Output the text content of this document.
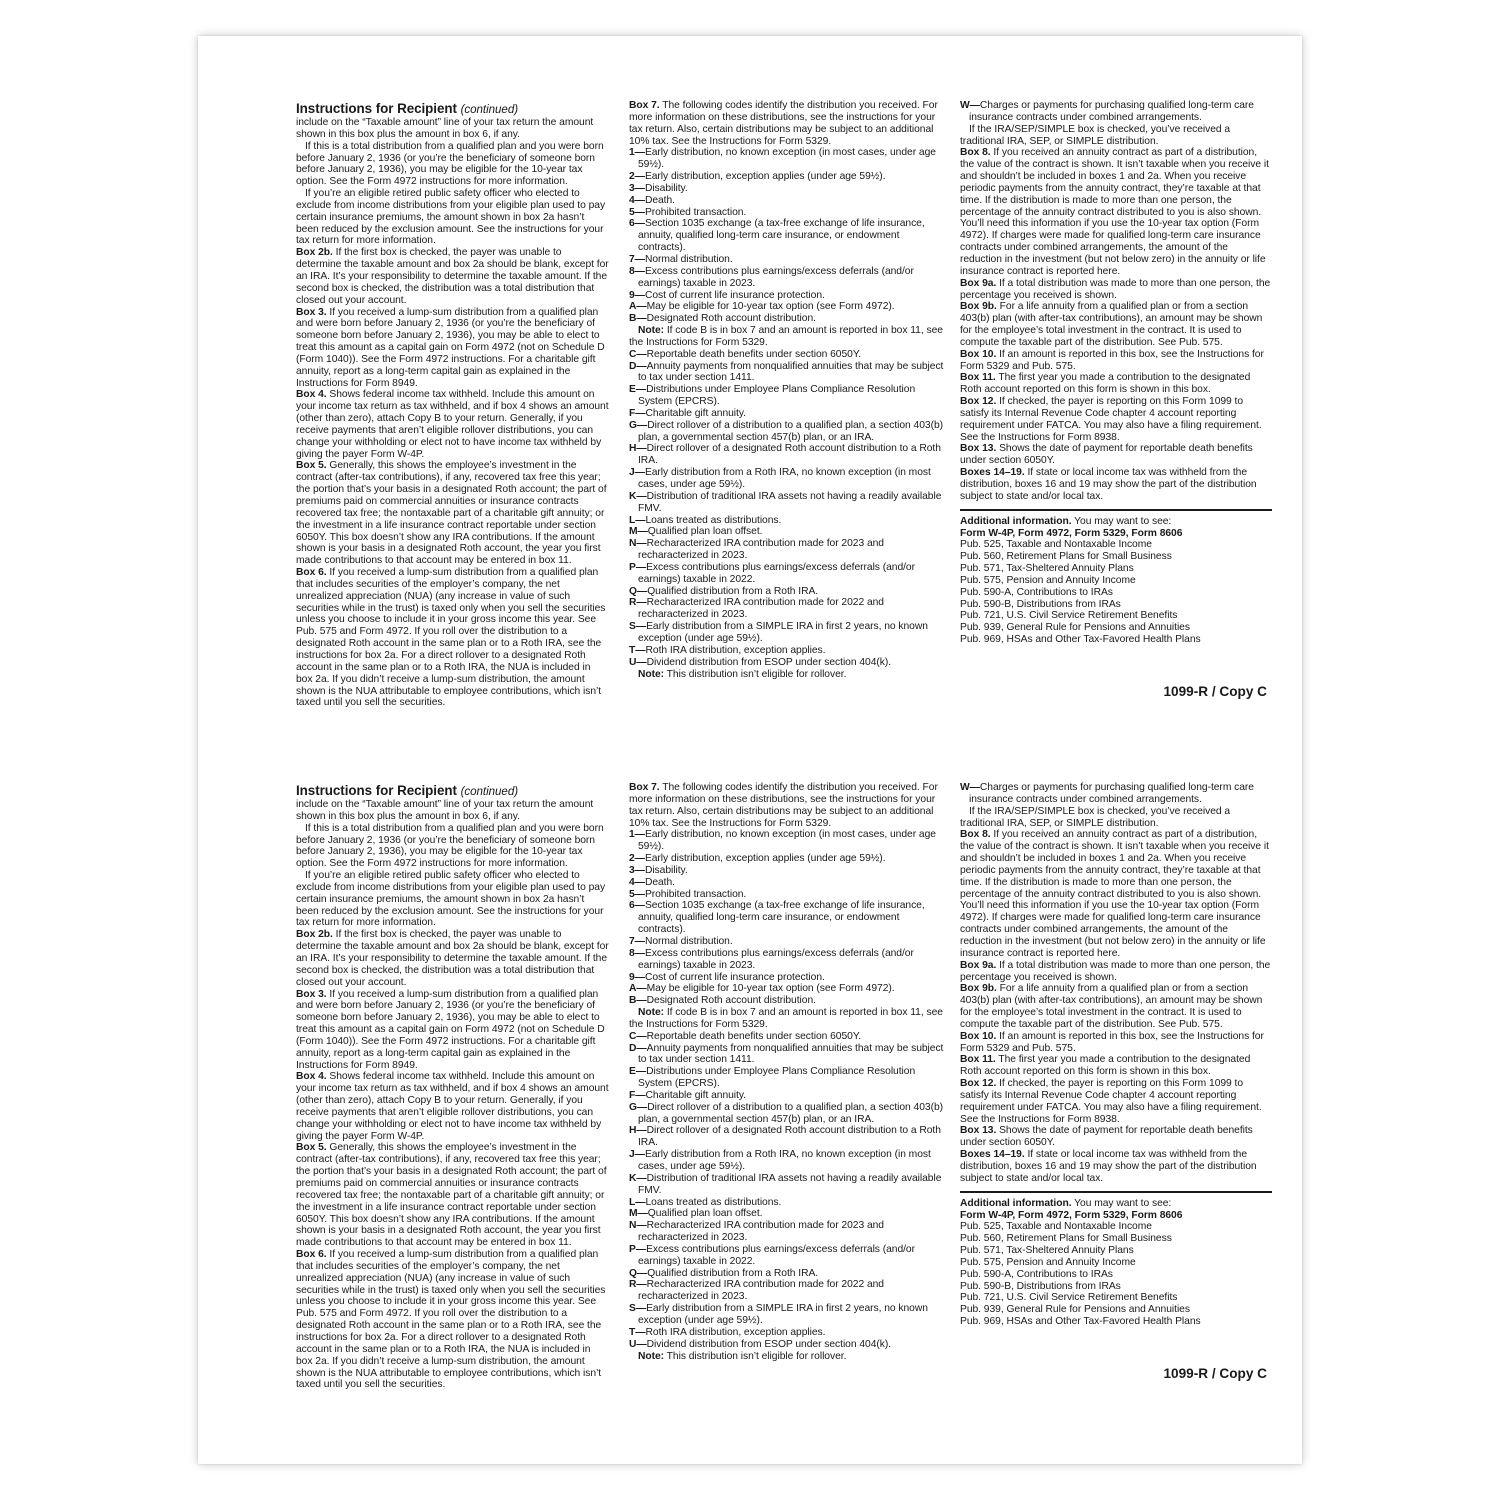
Instructions for Recipient (continued)
include on the “Taxable amount” line of your tax return the amount shown in this box plus the amount in box 6, if any.
If this is a total distribution from a qualified plan and you were born before January 2, 1936 (or you’re the beneficiary of someone born before January 2, 1936), you may be eligible for the 10-year tax option. See the Form 4972 instructions for more information.
If you’re an eligible retired public safety officer who elected to exclude from income distributions from your eligible plan used to pay certain insurance premiums, the amount shown in box 2a hasn’t been reduced by the exclusion amount. See the instructions for your tax return for more information.
Box 2b. If the first box is checked, the payer was unable to determine the taxable amount and box 2a should be blank, except for an IRA. It’s your responsibility to determine the taxable amount. If the second box is checked, the distribution was a total distribution that closed out your account.
Box 3. If you received a lump-sum distribution from a qualified plan and were born before January 2, 1936 (or you’re the beneficiary of someone born before January 2, 1936), you may be able to elect to treat this amount as a capital gain on Form 4972 (not on Schedule D (Form 1040)). See the Form 4972 instructions. For a charitable gift annuity, report as a long-term capital gain as explained in the Instructions for Form 8949.
Box 4. Shows federal income tax withheld. Include this amount on your income tax return as tax withheld, and if box 4 shows an amount (other than zero), attach Copy B to your return. Generally, if you receive payments that aren’t eligible rollover distributions, you can change your withholding or elect not to have income tax withheld by giving the payer Form W-4P.
Box 5. Generally, this shows the employee’s investment in the contract (after-tax contributions), if any, recovered tax free this year; the portion that’s your basis in a designated Roth account; the part of premiums paid on commercial annuities or insurance contracts recovered tax free; the nontaxable part of a charitable gift annuity; or the investment in a life insurance contract reportable under section 6050Y. This box doesn’t show any IRA contributions. If the amount shown is your basis in a designated Roth account, the year you first made contributions to that account may be entered in box 11.
Box 6. If you received a lump-sum distribution from a qualified plan that includes securities of the employer’s company, the net unrealized appreciation (NUA) (any increase in value of such securities while in the trust) is taxed only when you sell the securities unless you choose to include it in your gross income this year. See Pub. 575 and Form 4972. If you roll over the distribution to a designated Roth account in the same plan or to a Roth IRA, see the instructions for box 2a. For a direct rollover to a designated Roth account in the same plan or to a Roth IRA, the NUA is included in box 2a. If you didn’t receive a lump-sum distribution, the amount shown is the NUA attributable to employee contributions, which isn’t taxed until you sell the securities.
Box 7. The following codes identify the distribution you received. For more information on these distributions, see the instructions for your tax return. Also, certain distributions may be subject to an additional 10% tax. See the Instructions for Form 5329.
1—Early distribution, no known exception (in most cases, under age 59½).
2—Early distribution, exception applies (under age 59½).
3—Disability.
4—Death.
5—Prohibited transaction.
6—Section 1035 exchange (a tax-free exchange of life insurance, annuity, qualified long-term care insurance, or endowment contracts).
7—Normal distribution.
8—Excess contributions plus earnings/excess deferrals (and/or earnings) taxable in 2023.
9—Cost of current life insurance protection.
A—May be eligible for 10-year tax option (see Form 4972).
B—Designated Roth account distribution.
Note: If code B is in box 7 and an amount is reported in box 11, see the Instructions for Form 5329.
C—Reportable death benefits under section 6050Y.
D—Annuity payments from nonqualified annuities that may be subject to tax under section 1411.
E—Distributions under Employee Plans Compliance Resolution System (EPCRS).
F—Charitable gift annuity.
G—Direct rollover of a distribution to a qualified plan, a section 403(b) plan, a governmental section 457(b) plan, or an IRA.
H—Direct rollover of a designated Roth account distribution to a Roth IRA.
J—Early distribution from a Roth IRA, no known exception (in most cases, under age 59½).
K—Distribution of traditional IRA assets not having a readily available FMV.
L—Loans treated as distributions.
M—Qualified plan loan offset.
N—Recharacterized IRA contribution made for 2023 and recharacterized in 2023.
P—Excess contributions plus earnings/excess deferrals (and/or earnings) taxable in 2022.
Q—Qualified distribution from a Roth IRA.
R—Recharacterized IRA contribution made for 2022 and recharacterized in 2023.
S—Early distribution from a SIMPLE IRA in first 2 years, no known exception (under age 59½).
T—Roth IRA distribution, exception applies.
U—Dividend distribution from ESOP under section 404(k).
Note: This distribution isn’t eligible for rollover.
W—Charges or payments for purchasing qualified long-term care insurance contracts under combined arrangements.
If the IRA/SEP/SIMPLE box is checked, you’ve received a traditional IRA, SEP, or SIMPLE distribution.
Box 8. If you received an annuity contract as part of a distribution, the value of the contract is shown. It isn’t taxable when you receive it and shouldn’t be included in boxes 1 and 2a. When you receive periodic payments from the annuity contract, they’re taxable at that time. If the distribution is made to more than one person, the percentage of the annuity contract distributed to you is also shown. You’ll need this information if you use the 10-year tax option (Form 4972). If charges were made for qualified long-term care insurance contracts under combined arrangements, the amount of the reduction in the investment (but not below zero) in the annuity or life insurance contract is reported here.
Box 9a. If a total distribution was made to more than one person, the percentage you received is shown.
Box 9b. For a life annuity from a qualified plan or from a section 403(b) plan (with after-tax contributions), an amount may be shown for the employee’s total investment in the contract. It is used to compute the taxable part of the distribution. See Pub. 575.
Box 10. If an amount is reported in this box, see the Instructions for Form 5329 and Pub. 575.
Box 11. The first year you made a contribution to the designated Roth account reported on this form is shown in this box.
Box 12. If checked, the payer is reporting on this Form 1099 to satisfy its Internal Revenue Code chapter 4 account reporting requirement under FATCA. You may also have a filing requirement. See the Instructions for Form 8938.
Box 13. Shows the date of payment for reportable death benefits under section 6050Y.
Boxes 14–19. If state or local income tax was withheld from the distribution, boxes 16 and 19 may show the part of the distribution subject to state and/or local tax.
Additional information. You may want to see:
Form W-4P, Form 4972, Form 5329, Form 8606
Pub. 525, Taxable and Nontaxable Income
Pub. 560, Retirement Plans for Small Business
Pub. 571, Tax-Sheltered Annuity Plans
Pub. 575, Pension and Annuity Income
Pub. 590-A, Contributions to IRAs
Pub. 590-B, Distributions from IRAs
Pub. 721, U.S. Civil Service Retirement Benefits
Pub. 939, General Rule for Pensions and Annuities
Pub. 969, HSAs and Other Tax-Favored Health Plans
1099-R / Copy C
Instructions for Recipient (continued)
include on the “Taxable amount” line of your tax return the amount shown in this box plus the amount in box 6, if any.
If this is a total distribution from a qualified plan and you were born before January 2, 1936 (or you’re the beneficiary of someone born before January 2, 1936), you may be eligible for the 10-year tax option. See the Form 4972 instructions for more information.
If you’re an eligible retired public safety officer who elected to exclude from income distributions from your eligible plan used to pay certain insurance premiums, the amount shown in box 2a hasn’t been reduced by the exclusion amount. See the instructions for your tax return for more information.
Box 2b. If the first box is checked, the payer was unable to determine the taxable amount and box 2a should be blank, except for an IRA. It’s your responsibility to determine the taxable amount. If the second box is checked, the distribution was a total distribution that closed out your account.
Box 3. If you received a lump-sum distribution from a qualified plan and were born before January 2, 1936 (or you’re the beneficiary of someone born before January 2, 1936), you may be able to elect to treat this amount as a capital gain on Form 4972 (not on Schedule D (Form 1040)). See the Form 4972 instructions. For a charitable gift annuity, report as a long-term capital gain as explained in the Instructions for Form 8949.
Box 4. Shows federal income tax withheld. Include this amount on your income tax return as tax withheld, and if box 4 shows an amount (other than zero), attach Copy B to your return. Generally, if you receive payments that aren’t eligible rollover distributions, you can change your withholding or elect not to have income tax withheld by giving the payer Form W-4P.
Box 5. Generally, this shows the employee’s investment in the contract (after-tax contributions), if any, recovered tax free this year; the portion that’s your basis in a designated Roth account; the part of premiums paid on commercial annuities or insurance contracts recovered tax free; the nontaxable part of a charitable gift annuity; or the investment in a life insurance contract reportable under section 6050Y. This box doesn’t show any IRA contributions. If the amount shown is your basis in a designated Roth account, the year you first made contributions to that account may be entered in box 11.
Box 6. If you received a lump-sum distribution from a qualified plan that includes securities of the employer’s company, the net unrealized appreciation (NUA) (any increase in value of such securities while in the trust) is taxed only when you sell the securities unless you choose to include it in your gross income this year. See Pub. 575 and Form 4972. If you roll over the distribution to a designated Roth account in the same plan or to a Roth IRA, see the instructions for box 2a. For a direct rollover to a designated Roth account in the same plan or to a Roth IRA, the NUA is included in box 2a. If you didn’t receive a lump-sum distribution, the amount shown is the NUA attributable to employee contributions, which isn’t taxed until you sell the securities.
Box 7. The following codes identify the distribution you received. For more information on these distributions, see the instructions for your tax return. Also, certain distributions may be subject to an additional 10% tax. See the Instructions for Form 5329.
1—Early distribution, no known exception (in most cases, under age 59½).
2—Early distribution, exception applies (under age 59½).
3—Disability.
4—Death.
5—Prohibited transaction.
6—Section 1035 exchange (a tax-free exchange of life insurance, annuity, qualified long-term care insurance, or endowment contracts).
7—Normal distribution.
8—Excess contributions plus earnings/excess deferrals (and/or earnings) taxable in 2023.
9—Cost of current life insurance protection.
A—May be eligible for 10-year tax option (see Form 4972).
B—Designated Roth account distribution.
Note: If code B is in box 7 and an amount is reported in box 11, see the Instructions for Form 5329.
C—Reportable death benefits under section 6050Y.
D—Annuity payments from nonqualified annuities that may be subject to tax under section 1411.
E—Distributions under Employee Plans Compliance Resolution System (EPCRS).
F—Charitable gift annuity.
G—Direct rollover of a distribution to a qualified plan, a section 403(b) plan, a governmental section 457(b) plan, or an IRA.
H—Direct rollover of a designated Roth account distribution to a Roth IRA.
J—Early distribution from a Roth IRA, no known exception (in most cases, under age 59½).
K—Distribution of traditional IRA assets not having a readily available FMV.
L—Loans treated as distributions.
M—Qualified plan loan offset.
N—Recharacterized IRA contribution made for 2023 and recharacterized in 2023.
P—Excess contributions plus earnings/excess deferrals (and/or earnings) taxable in 2022.
Q—Qualified distribution from a Roth IRA.
R—Recharacterized IRA contribution made for 2022 and recharacterized in 2023.
S—Early distribution from a SIMPLE IRA in first 2 years, no known exception (under age 59½).
T—Roth IRA distribution, exception applies.
U—Dividend distribution from ESOP under section 404(k).
Note: This distribution isn’t eligible for rollover.
W—Charges or payments for purchasing qualified long-term care insurance contracts under combined arrangements.
If the IRA/SEP/SIMPLE box is checked, you’ve received a traditional IRA, SEP, or SIMPLE distribution.
Box 8. If you received an annuity contract as part of a distribution, the value of the contract is shown. It isn’t taxable when you receive it and shouldn’t be included in boxes 1 and 2a. When you receive periodic payments from the annuity contract, they’re taxable at that time. If the distribution is made to more than one person, the percentage of the annuity contract distributed to you is also shown. You’ll need this information if you use the 10-year tax option (Form 4972). If charges were made for qualified long-term care insurance contracts under combined arrangements, the amount of the reduction in the investment (but not below zero) in the annuity or life insurance contract is reported here.
Box 9a. If a total distribution was made to more than one person, the percentage you received is shown.
Box 9b. For a life annuity from a qualified plan or from a section 403(b) plan (with after-tax contributions), an amount may be shown for the employee’s total investment in the contract. It is used to compute the taxable part of the distribution. See Pub. 575.
Box 10. If an amount is reported in this box, see the Instructions for Form 5329 and Pub. 575.
Box 11. The first year you made a contribution to the designated Roth account reported on this form is shown in this box.
Box 12. If checked, the payer is reporting on this Form 1099 to satisfy its Internal Revenue Code chapter 4 account reporting requirement under FATCA. You may also have a filing requirement. See the Instructions for Form 8938.
Box 13. Shows the date of payment for reportable death benefits under section 6050Y.
Boxes 14–19. If state or local income tax was withheld from the distribution, boxes 16 and 19 may show the part of the distribution subject to state and/or local tax.
Additional information. You may want to see:
Form W-4P, Form 4972, Form 5329, Form 8606
Pub. 525, Taxable and Nontaxable Income
Pub. 560, Retirement Plans for Small Business
Pub. 571, Tax-Sheltered Annuity Plans
Pub. 575, Pension and Annuity Income
Pub. 590-A, Contributions to IRAs
Pub. 590-B, Distributions from IRAs
Pub. 721, U.S. Civil Service Retirement Benefits
Pub. 939, General Rule for Pensions and Annuities
Pub. 969, HSAs and Other Tax-Favored Health Plans
1099-R / Copy C
